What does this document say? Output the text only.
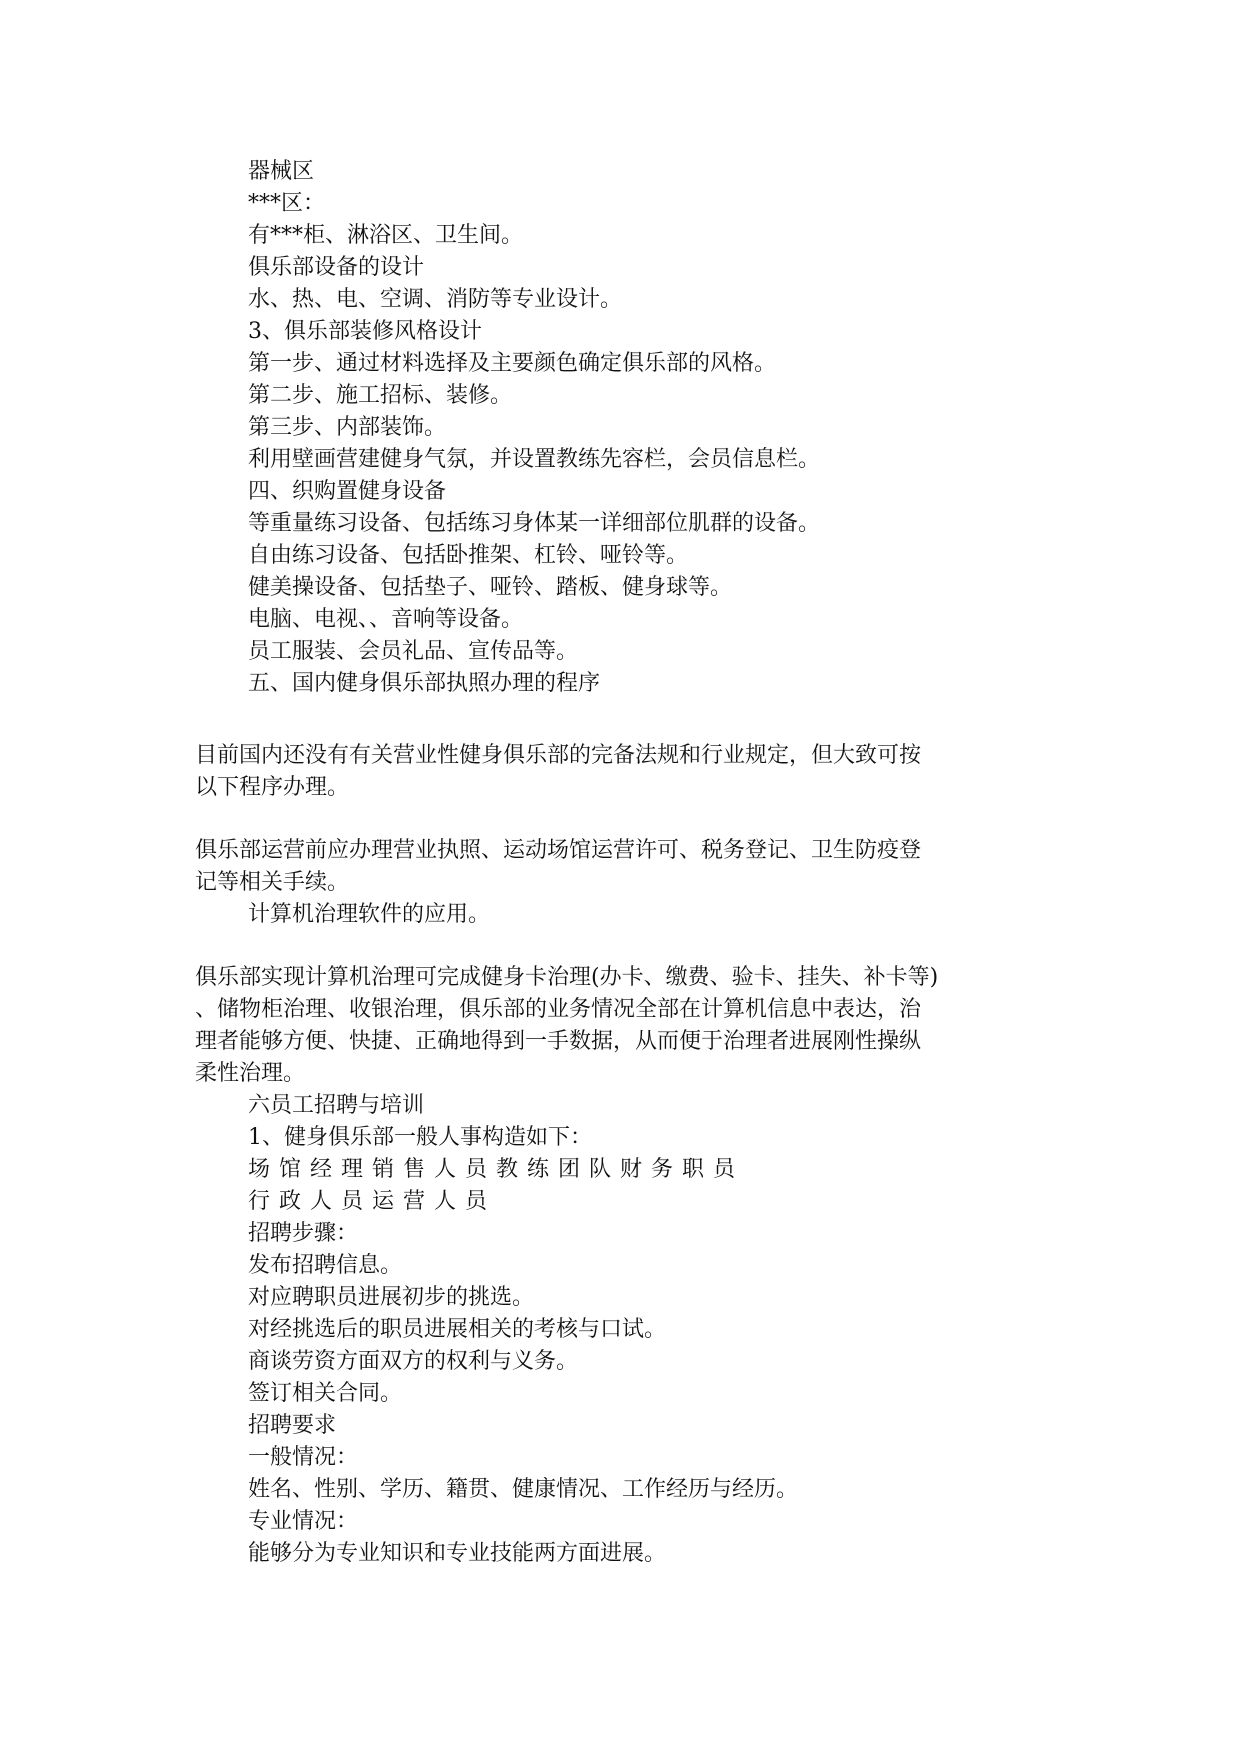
器械区
***区：
有***柜、淋浴区、卫生间。
俱乐部设备的设计
水、热、电、空调、消防等专业设计。
3、俱乐部装修风格设计
第一步、通过材料选择及主要颜色确定俱乐部的风格。
第二步、施工招标、装修。
第三步、内部装饰。
利用壁画营建健身气氛，并设置教练先容栏，会员信息栏。
四、织购置健身设备
等重量练习设备、包括练习身体某一详细部位肌群的设备。
自由练习设备、包括卧推架、杠铃、哑铃等。
健美操设备、包括垫子、哑铃、踏板、健身球等。
电脑、电视、、音响等设备。
员工服装、会员礼品、宣传品等。
五、国内健身俱乐部执照办理的程序
目前国内还没有有关营业性健身俱乐部的完备法规和行业规定，但大致可按
以下程序办理。
俱乐部运营前应办理营业执照、运动场馆运营许可、税务登记、卫生防疫登
记等相关手续。
计算机治理软件的应用。
俱乐部实现计算机治理可完成健身卡治理(办卡、缴费、验卡、挂失、补卡等)
、储物柜治理、收银治理，俱乐部的业务情况全部在计算机信息中表达，治
理者能够方便、快捷、正确地得到一手数据，从而便于治理者进展刚性操纵
柔性治理。
六员工招聘与培训
1、健身俱乐部一般人事构造如下：
场馆经理销售人员教练团队财务职员
行政人员运营人员
招聘步骤：
发布招聘信息。
对应聘职员进展初步的挑选。
对经挑选后的职员进展相关的考核与口试。
商谈劳资方面双方的权利与义务。
签订相关合同。
招聘要求
一般情况：
姓名、性别、学历、籍贯、健康情况、工作经历与经历。
专业情况：
能够分为专业知识和专业技能两方面进展。
